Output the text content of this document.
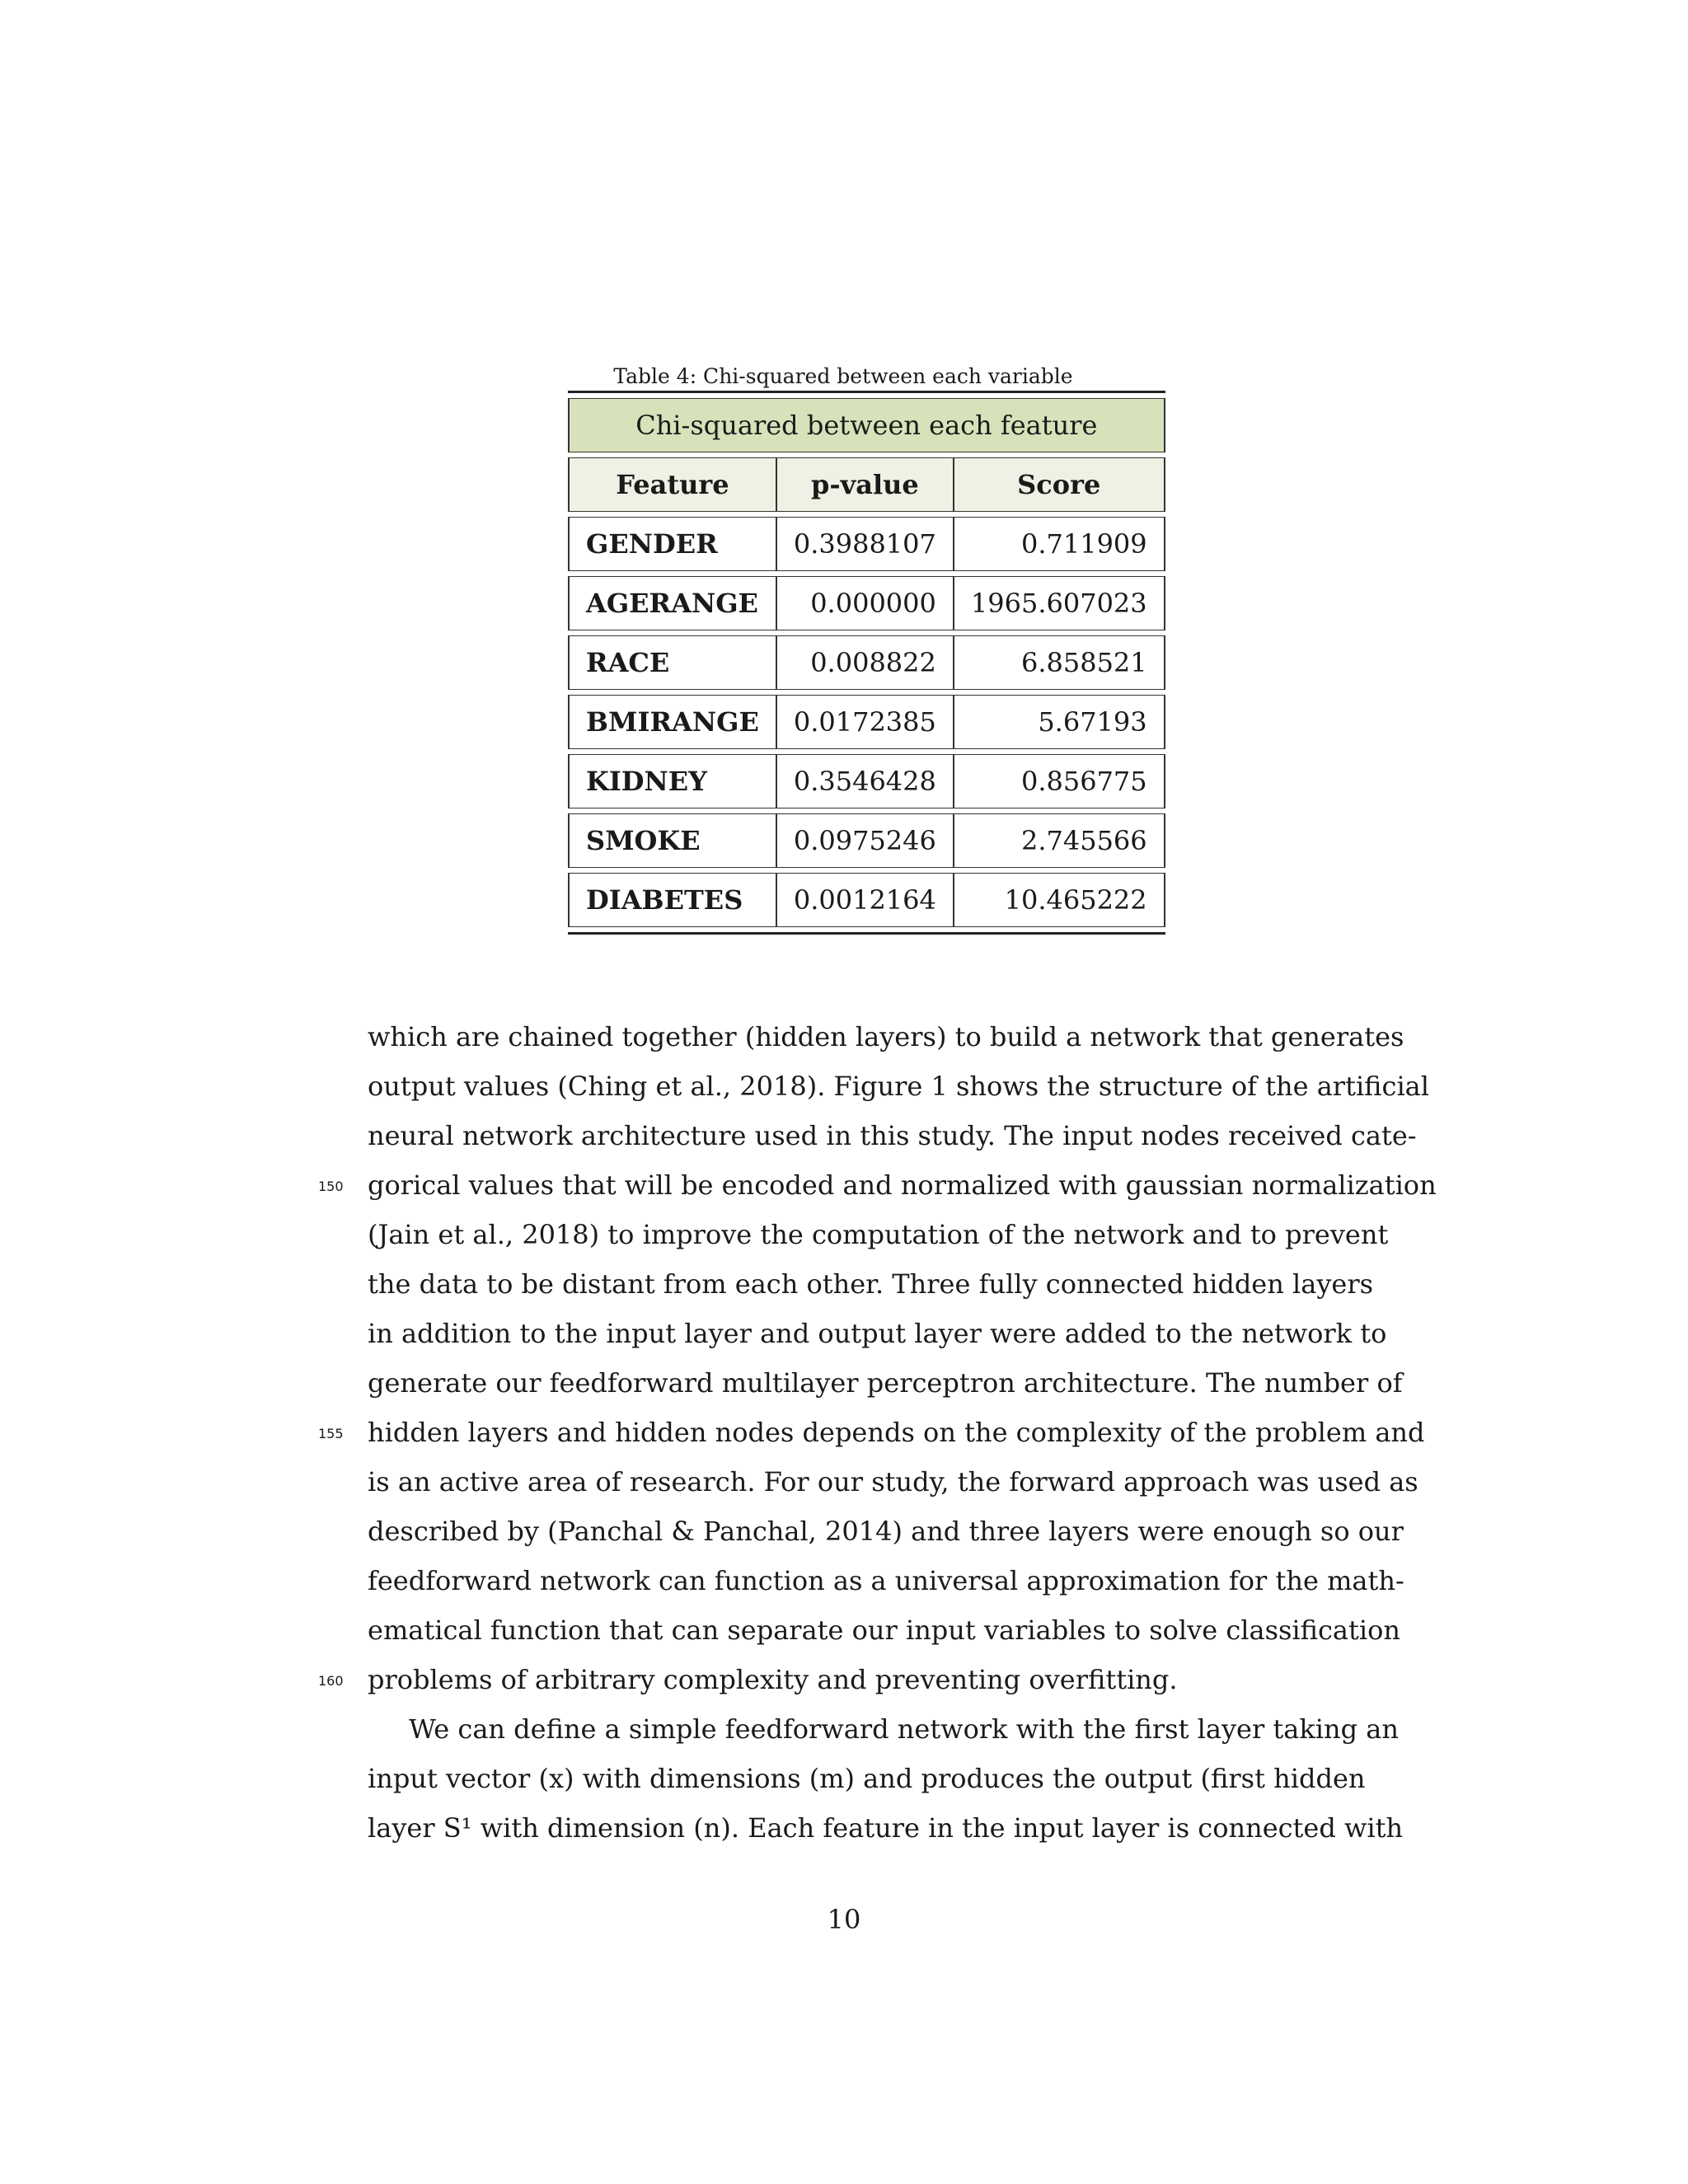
Table 4: Chi-squared between each variable
Chi-squared between each feature		
Feature	p-value	Score
GENDER	0.3988107	0.711909
AGERANGE	0.000000	1965.607023
RACE	0.008822	6.858521
BMIRANGE	0.0172385	5.67193
KIDNEY	0.3546428	0.856775
SMOKE	0.0975246	2.745566
DIABETES	0.0012164	10.465222
which are chained together (hidden layers) to build a network that generates
output values (Ching et al., 2018). Figure 1 shows the structure of the artificial
neural network architecture used in this study. The input nodes received cate-
150 gorical values that will be encoded and normalized with gaussian normalization
(Jain et al., 2018) to improve the computation of the network and to prevent
the data to be distant from each other. Three fully connected hidden layers
in addition to the input layer and output layer were added to the network to
generate our feedforward multilayer perceptron architecture. The number of
155 hidden layers and hidden nodes depends on the complexity of the problem and
is an active area of research. For our study, the forward approach was used as
described by (Panchal & Panchal, 2014) and three layers were enough so our
feedforward network can function as a universal approximation for the math-
ematical function that can separate our input variables to solve classification
160 problems of arbitrary complexity and preventing overfitting.
We can define a simple feedforward network with the first layer taking an
input vector (x) with dimensions (m) and produces the output (first hidden
layer S¹ with dimension (n). Each feature in the input layer is connected with
10
